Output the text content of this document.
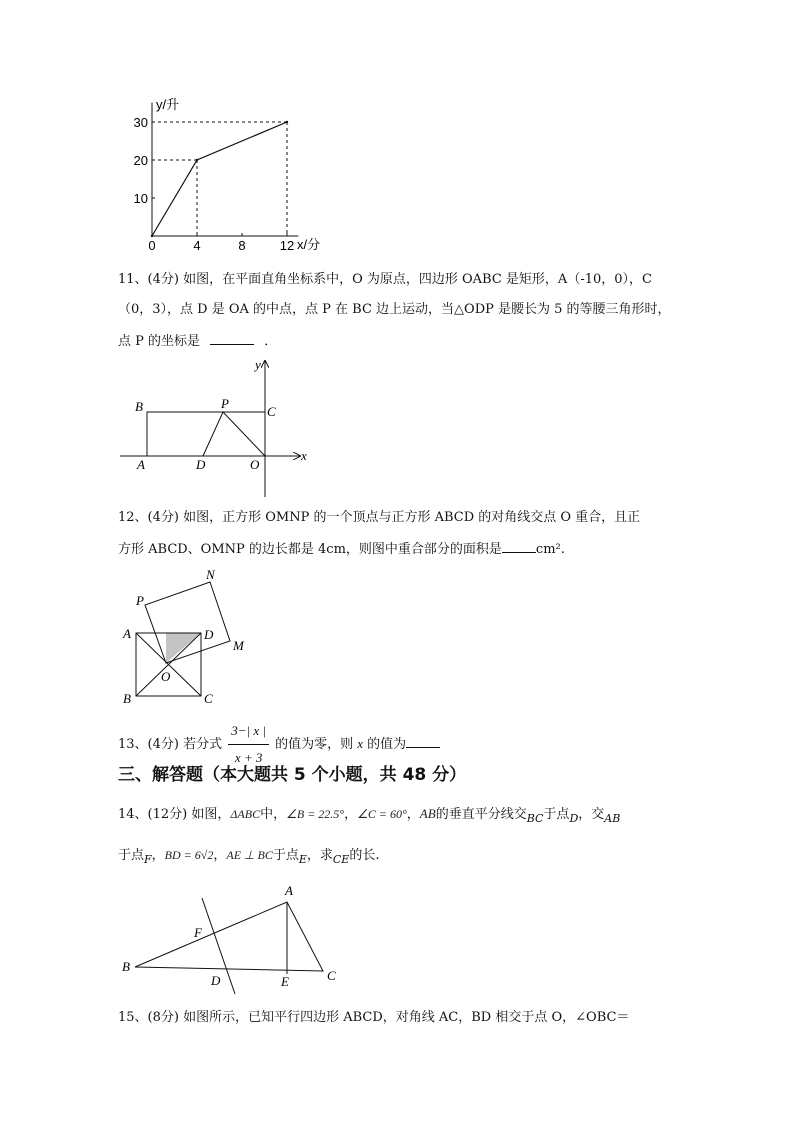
0	4	8	12
10
20
30
y/升
x/分
11、(4分) 如图，在平面直角坐标系中，O 为原点，四边形 OABC 是矩形，A（-10，0），C
（0，3），点 D 是 OA 的中点，点 P 在 BC 边上运动，当△ODP 是腰长为 5 的等腰三角形时，
点 P 的坐标是	．
B	P
C
A	D	O
x
y
12、(4分) 如图，正方形 OMNP 的一个顶点与正方形 ABCD 的对角线交点 O 重合，且正
方形 ABCD、OMNP 的边长都是 4cm，则图中重合部分的面积是	cm².
N
P
A	D
M
O
B	C
13、(4分) 若分式 $\frac{3-| x |}{x + 3}$ 的值为零，则 x 的值为
三、解答题（本大题共 5 个小题，共 48 分）
14、(12分) 如图，ΔABC中，∠B = 22.5°，∠C = 60°，AB的垂直平分线交$_{BC}$于点$_D$，交$_{AB}$
于点$_F$，BD = 6√2，AE ⊥ BC于点$_E$，求$_{CE}$的长.
A
F
B
D	E	C
15、(8分) 如图所示，已知平行四边形 ABCD，对角线 AC，BD 相交于点 O，∠OBC＝
